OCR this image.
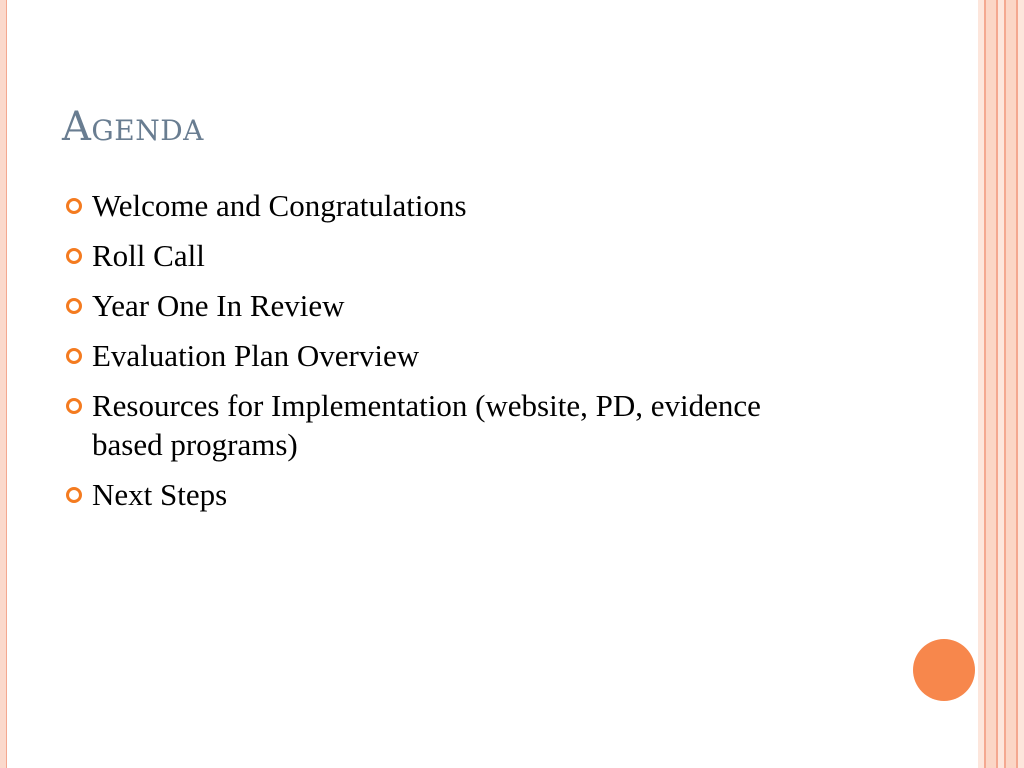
Agenda
Welcome and Congratulations
Roll Call
Year One In Review
Evaluation Plan Overview
Resources for Implementation (website, PD, evidence based programs)
Next Steps
